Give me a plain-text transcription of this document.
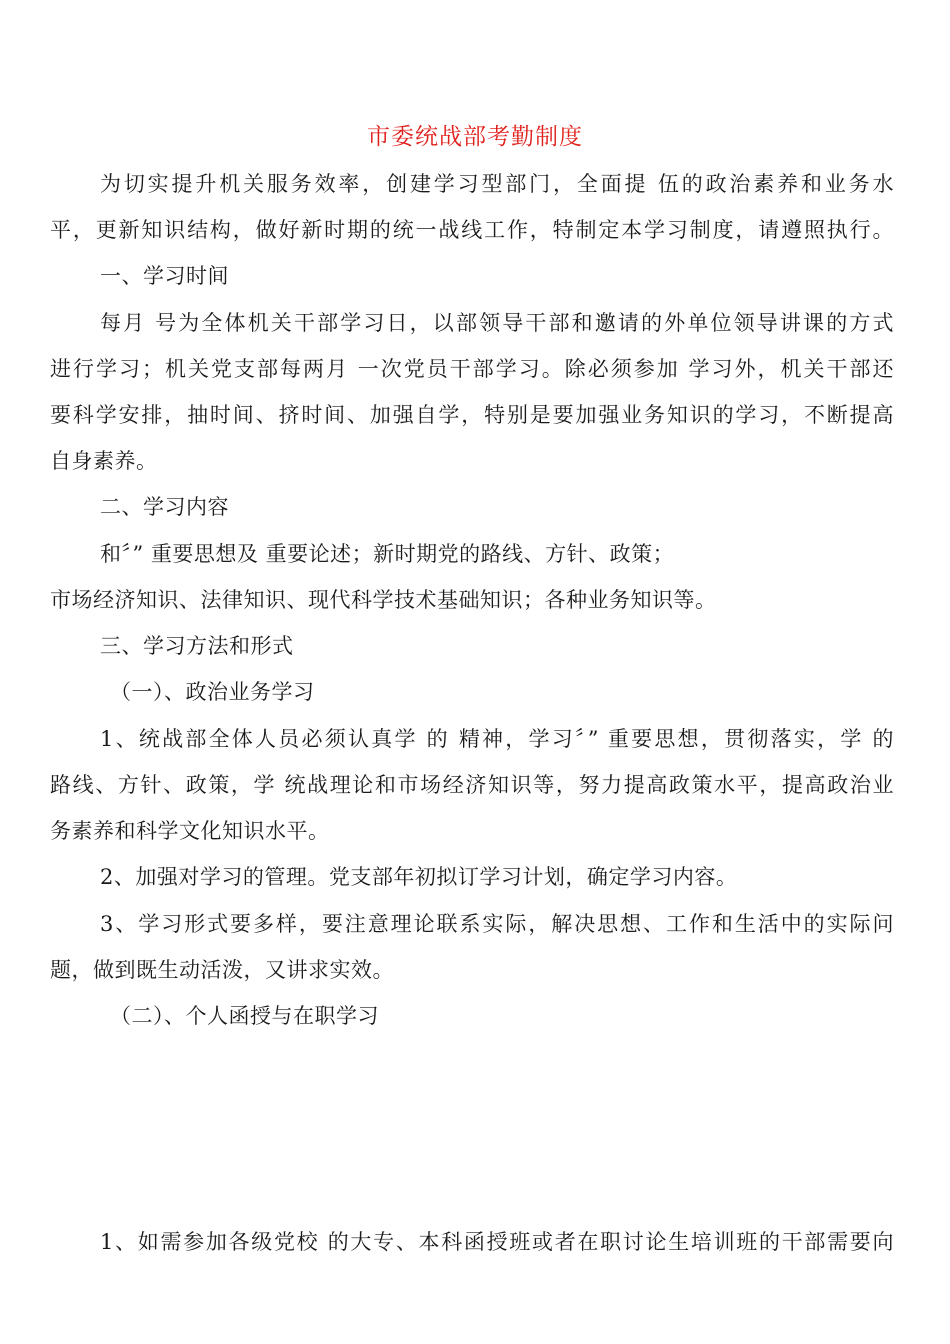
市委统战部考勤制度
为切实提升机关服务效率，创建学习型部门，全面提 伍的政治素养和业务水
平，更新知识结构，做好新时期的统一战线工作，特制定本学习制度，请遵照执行。
一、学习时间
每月 号为全体机关干部学习日，以部领导干部和邀请的外单位领导讲课的方式
进行学习；机关党支部每两月 一次党员干部学习。除必须参加 学习外，机关干部还
要科学安排，抽时间、挤时间、加强自学，特别是要加强业务知识的学习，不断提高
自身素养。
二、学习内容
和〞” 重要思想及 重要论述；新时期党的路线、方针、政策；
市场经济知识、法律知识、现代科学技术基础知识；各种业务知识等。
三、学习方法和形式
（一）、政治业务学习
1、统战部全体人员必须认真学 的 精神，学习〞” 重要思想，贯彻落实，学 的
路线、方针、政策，学 统战理论和市场经济知识等，努力提高政策水平，提高政治业
务素养和科学文化知识水平。
2、加强对学习的管理。党支部年初拟订学习计划，确定学习内容。
3、学习形式要多样，要注意理论联系实际，解决思想、工作和生活中的实际问
题，做到既生动活泼，又讲求实效。
（二）、个人函授与在职学习
1、如需参加各级党校 的大专、本科函授班或者在职讨论生培训班的干部需要向
